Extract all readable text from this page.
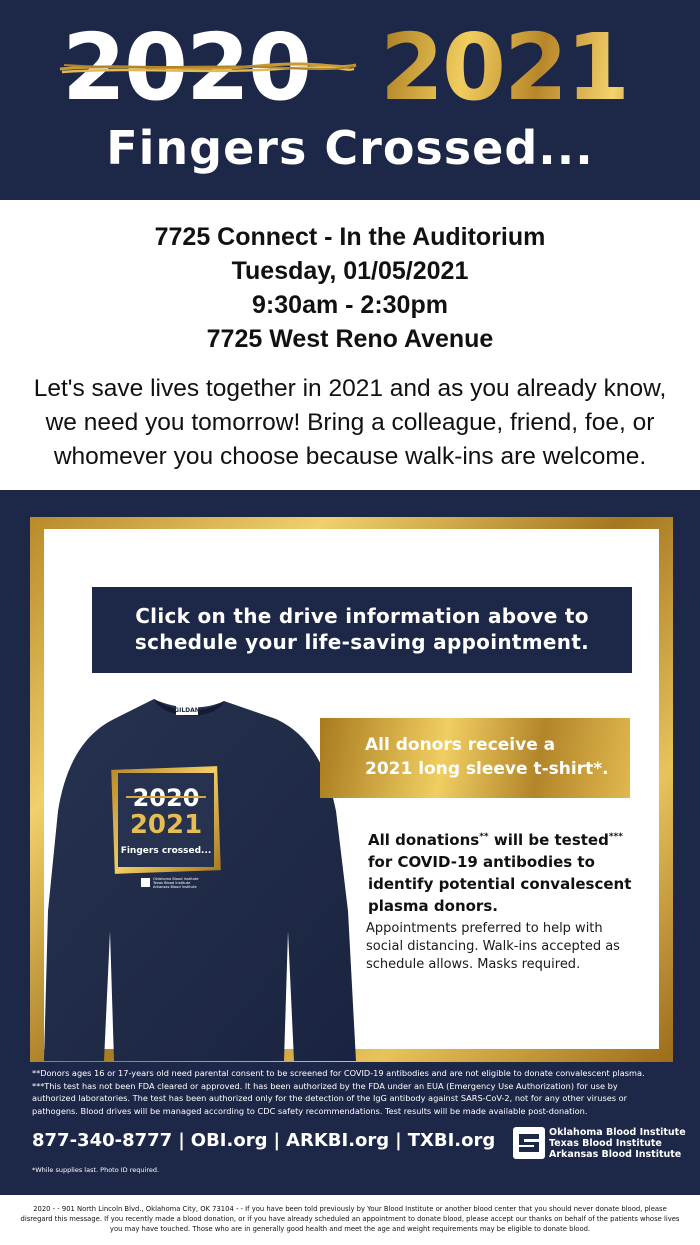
2020 2021
Fingers Crossed...
7725 Connect - In the Auditorium
Tuesday, 01/05/2021
9:30am - 2:30pm
7725 West Reno Avenue
Let's save lives together in 2021 and as you already know,
we need you tomorrow! Bring a colleague, friend, foe, or
whomever you choose because walk-ins are welcome.
Click on the drive information above to
schedule your life-saving appointment.
GILDAN
2020
2021
Fingers crossed...
Oklahoma Blood Institute
Texas Blood Institute
Arkansas Blood Institute
All donors receive a
2021 long sleeve t-shirt*.
All donations** will be tested***
for COVID-19 antibodies to
identify potential convalescent
plasma donors.
Appointments preferred to help with
social distancing. Walk-ins accepted as
schedule allows. Masks required.
**Donors ages 16 or 17-years old need parental consent to be screened for COVID-19 antibodies and are not eligible to donate convalescent plasma.
***This test has not been FDA cleared or approved. It has been authorized by the FDA under an EUA (Emergency Use Authorization) for use by
authorized laboratories. The test has been authorized only for the detection of the IgG antibody against SARS-CoV-2, not for any other viruses or
pathogens. Blood drives will be managed according to CDC safety recommendations. Test results will be made available post-donation.
877-340-8777 | OBI.org | ARKBI.org | TXBI.org
*While supplies last. Photo ID required.
Oklahoma Blood Institute
Texas Blood Institute
Arkansas Blood Institute
2020 - - 901 North Lincoln Blvd., Oklahoma City, OK 73104 - - If you have been told previously by Your Blood Institute or another blood center that you should never donate blood, please
disregard this message. If you recently made a blood donation, or if you have already scheduled an appointment to donate blood, please accept our thanks on behalf of the patients whose lives
you may have touched. Those who are in generally good health and meet the age and weight requirements may be eligible to donate blood.
